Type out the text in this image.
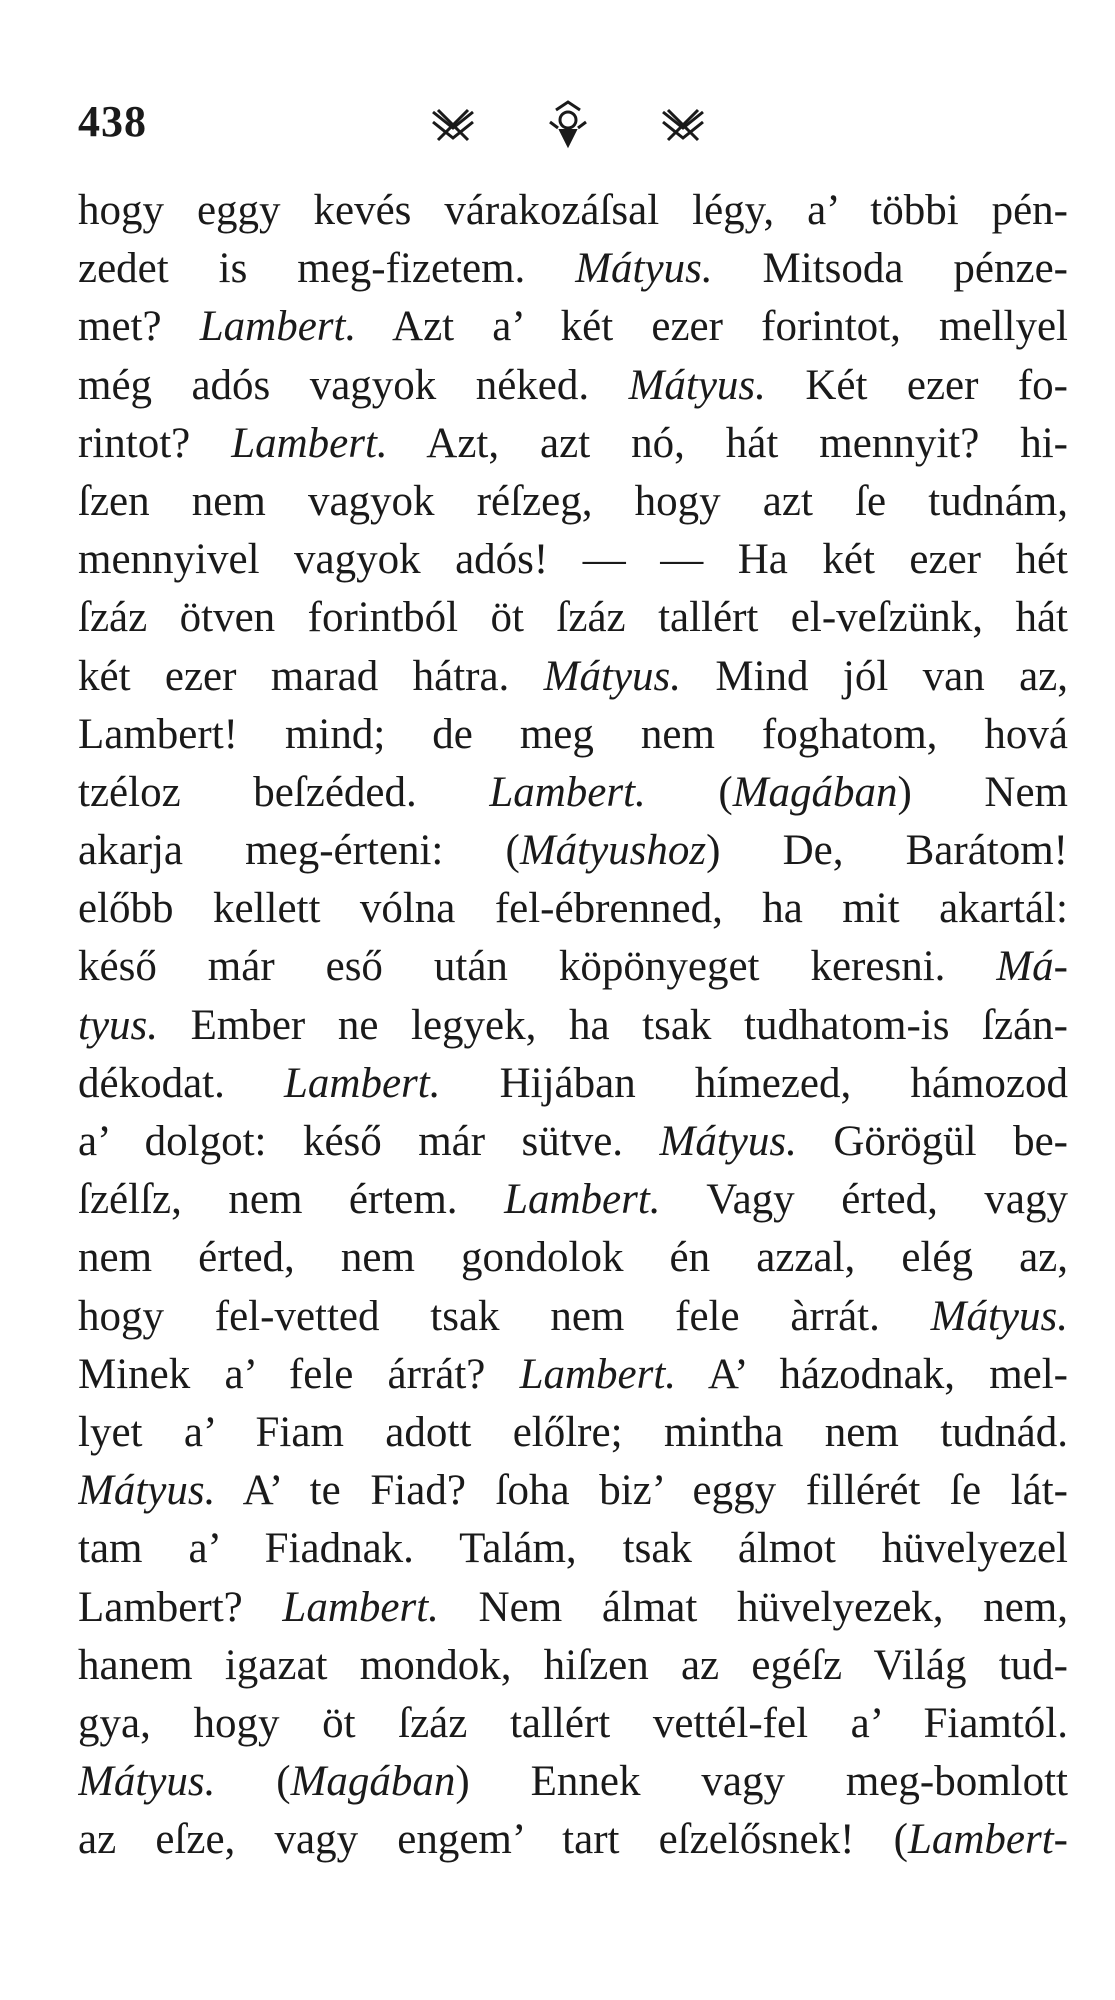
438
hogy eggy kevés várakozáſsal légy, a’ többi pén-
zedet is meg-fizetem. Mátyus. Mitsoda pénze-
met? Lambert. Azt a’ két ezer forintot, mellyel
még adós vagyok néked. Mátyus. Két ezer fo-
rintot? Lambert. Azt, azt nó, hát mennyit? hi-
ſzen nem vagyok réſzeg, hogy azt ſe tudnám,
mennyivel vagyok adós! — — Ha két ezer hét
ſzáz ötven forintból öt ſzáz tallért el-veſzünk, hát
két ezer marad hátra. Mátyus. Mind jól van az,
Lambert! mind; de meg nem foghatom, hová
tzéloz beſzéded. Lambert. (Magában) Nem
akarja meg-érteni: (Mátyushoz) De, Barátom!
előbb kellett vólna fel-ébrenned, ha mit akartál:
késő már eső után köpönyeget keresni. Má-
tyus. Ember ne legyek, ha tsak tudhatom-is ſzán-
dékodat. Lambert. Hijában hímezed, hámozod
a’ dolgot: késő már sütve. Mátyus. Görögül be-
ſzélſz, nem értem. Lambert. Vagy érted, vagy
nem érted, nem gondolok én azzal, elég az,
hogy fel-vetted tsak nem fele àrrát. Mátyus.
Minek a’ fele árrát? Lambert. A’ házodnak, mel-
lyet a’ Fiam adott előlre; mintha nem tudnád.
Mátyus. A’ te Fiad? ſoha biz’ eggy fillérét ſe lát-
tam a’ Fiadnak. Talám, tsak álmot hüvelyezel
Lambert? Lambert. Nem álmat hüvelyezek, nem,
hanem igazat mondok, hiſzen az egéſz Világ tud-
gya, hogy öt ſzáz tallért vettél-fel a’ Fiamtól.
Mátyus. (Magában) Ennek vagy meg-bomlott
az eſze, vagy engem’ tart eſzelősnek! (Lambert-
